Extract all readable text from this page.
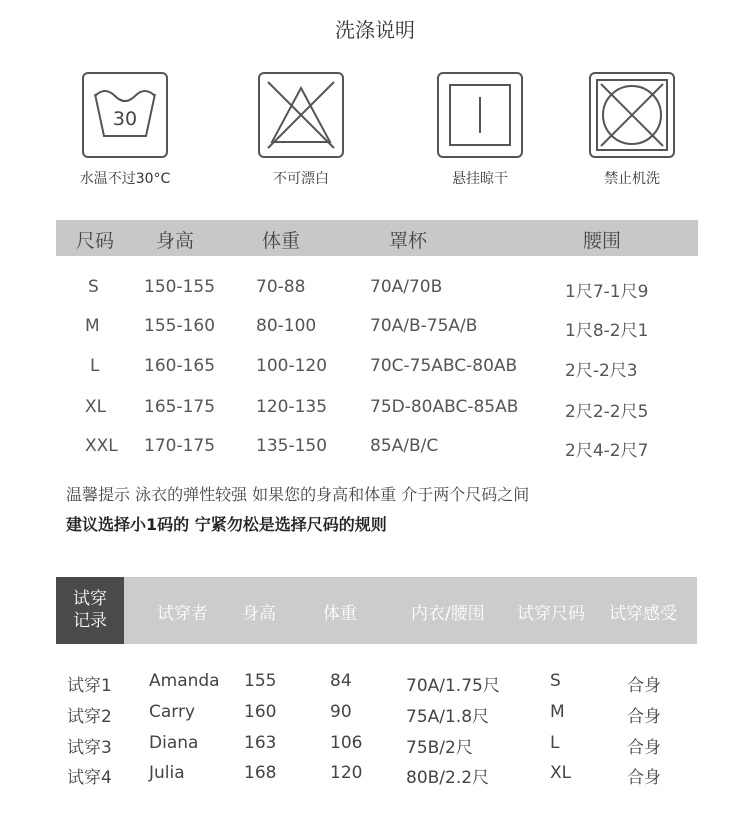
洗涤说明
30
水温不过30°C	不可漂白	悬挂晾干	禁止机洗
尺码 身高	体重	罩杯	腰围
S	150-155 70-88	70A/70B	1尺7-1尺9
M	155-160 80-100	70A/B-75A/B	1尺8-2尺1
L	160-165 100-120	70C-75ABC-80AB	2尺-2尺3
XL 165-175 120-135	75D-80ABC-85AB	2尺2-2尺5
XXL 170-175 135-150	85A/B/C	2尺4-2尺7
温馨提示 泳衣的弹性较强 如果您的身高和体重 介于两个尺码之间
建议选择小1码的 宁紧勿松是选择尺码的规则
试穿
记录	试穿者 身高	体重	内衣/腰围 试穿尺码 试穿感受
试穿1 Amanda 155	84	70A/1.75尺	S	合身
试穿2 Carry	160	90	75A/1.8尺	M	合身
试穿3 Diana	163	106	75B/2尺	L	合身
试穿4 Julia	168	120	80B/2.2尺	XL	合身
